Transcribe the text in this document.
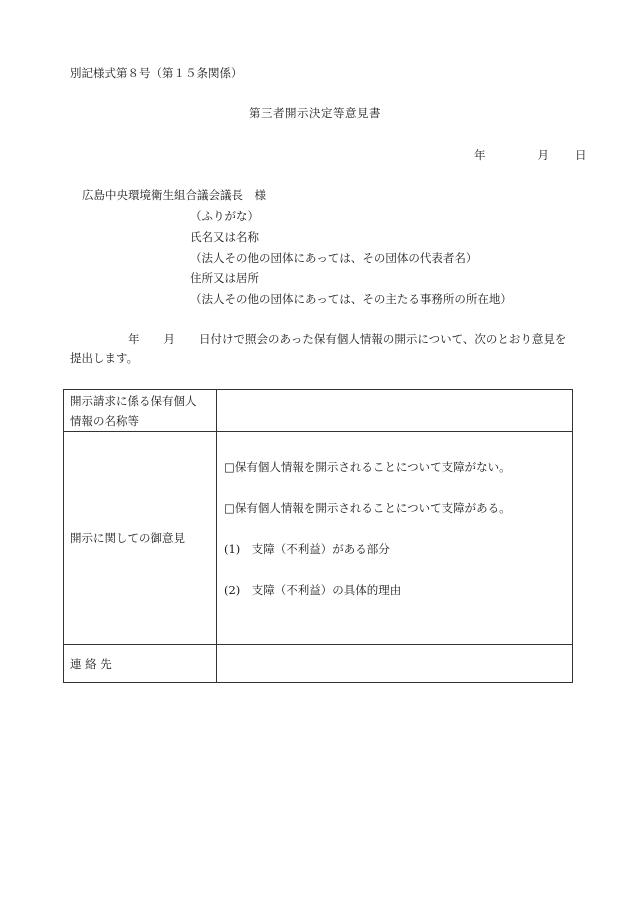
別記様式第８号（第１５条関係）
第三者開示決定等意見書
年	月 日
広島中央環境衛生組合議会議長　様
（ふりがな）
氏名又は名称
（法人その他の団体にあっては、その団体の代表者名）
住所又は居所
（法人その他の団体にあっては、その主たる事務所の所在地）
年 月 日付けで照会のあった保有個人情報の開示について、次のとおり意見を
提出します。
開示請求に係る保有個人
情報の名称等	

開示に関しての御意見	□保有個人情報を開示されることについて支障がない。
□保有個人情報を開示されることについて支障がある。
(1)　支障（不利益）がある部分
(2)　支障（不利益）の具体的理由

連 絡 先	
